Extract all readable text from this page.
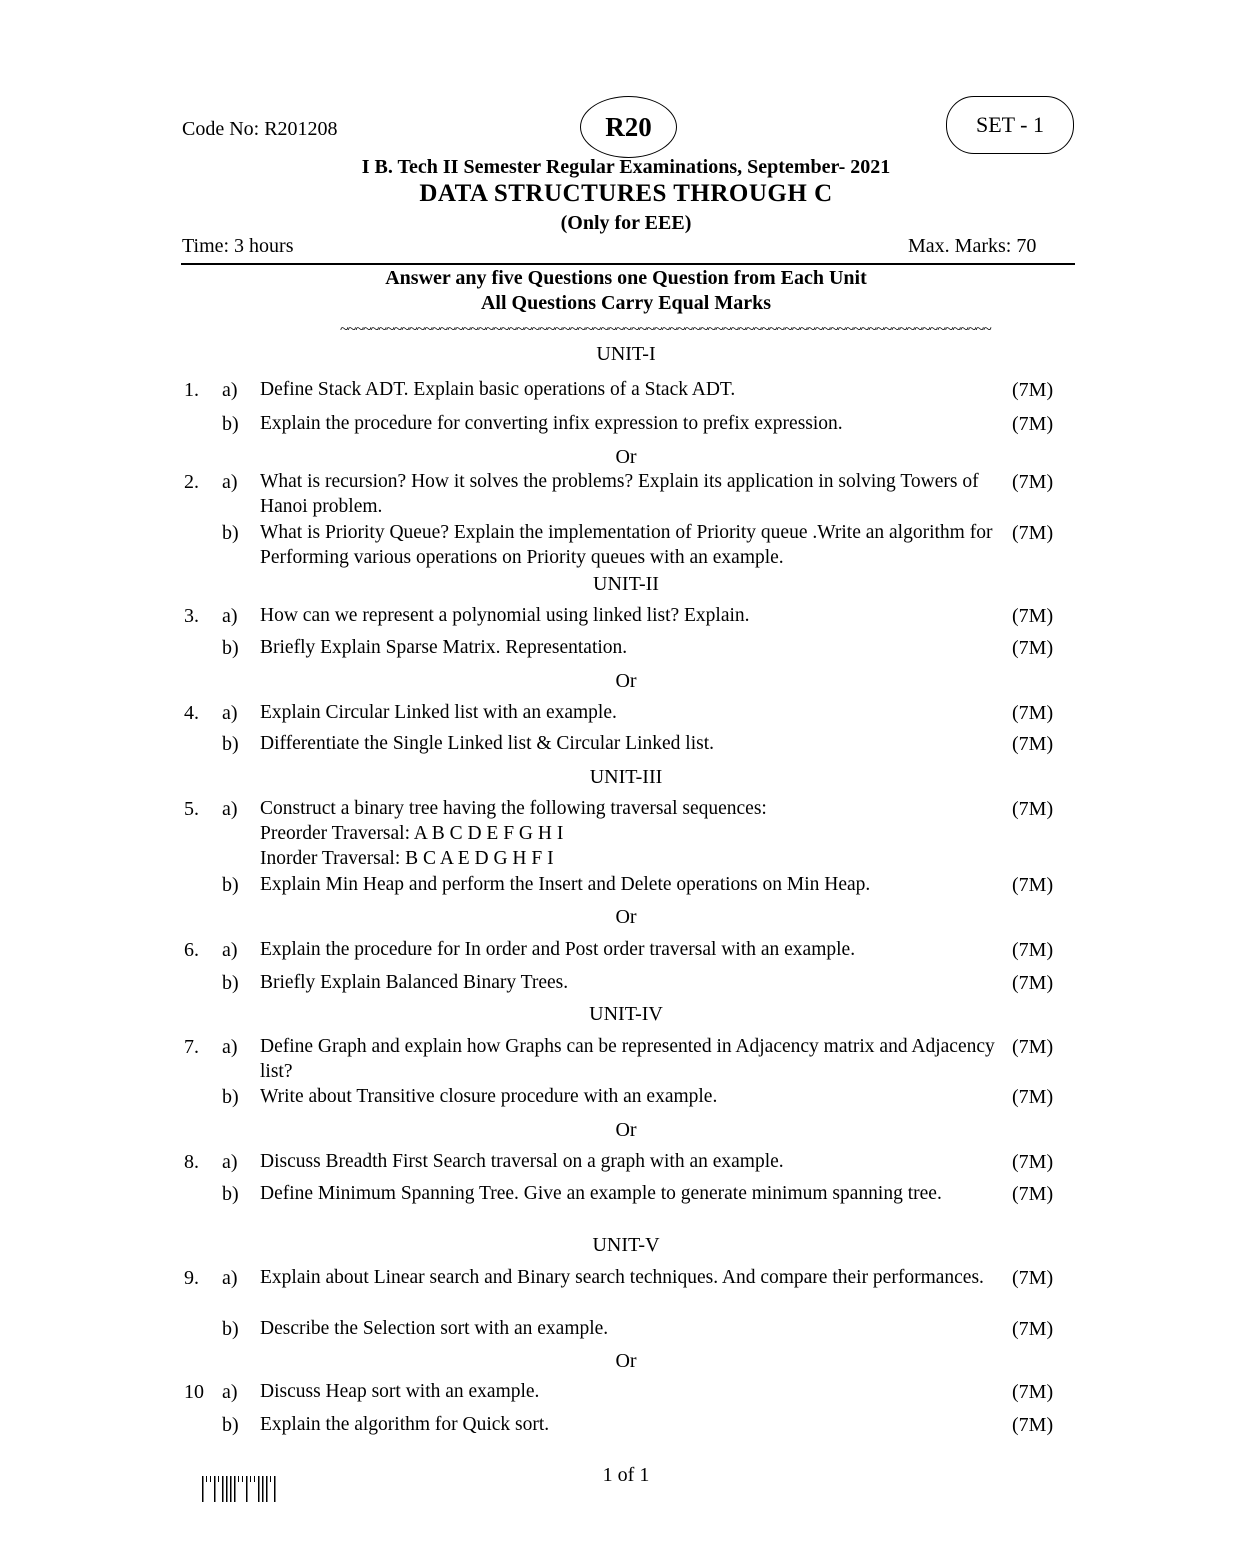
Code No: R201208	R20	SET - 1
I B. Tech II Semester Regular Examinations, September- 2021
DATA STRUCTURES THROUGH C
(Only for EEE)
Time: 3 hours	Max. Marks: 70
Answer any five Questions one Question from Each Unit
All Questions Carry Equal Marks
~~~~~~~~~~~~~~~~~~~~~~~~~~~~~~~~~~~~~~~~~~~~~~~~~~~~~~~~~~~~~~~~~~~~~~~~~~~~~~~~~~~~~
UNIT-I
1. a) Define Stack ADT. Explain basic operations of a Stack ADT.	(7M)
b) Explain the procedure for converting infix expression to prefix expression.	(7M)
Or
2. a) What is recursion? How it solves the problems? Explain its application in solving Towers of Hanoi problem.
(7M)
b) What is Priority Queue? Explain the implementation of Priority queue .Write an algorithm for Performing various operations on Priority queues with an example.
(7M)
UNIT-II
3. a) How can we represent a polynomial using linked list? Explain.	(7M)
b) Briefly Explain Sparse Matrix. Representation.	(7M)
Or
4. a) Explain Circular Linked list with an example.	(7M)
b) Differentiate the Single Linked list & Circular Linked list.	(7M)
UNIT-III
5. a) Construct a binary tree having the following traversal sequences:
Preorder Traversal: A B C D E F G H I
Inorder Traversal: B C A E D G H F I
(7M)
b) Explain Min Heap and perform the Insert and Delete operations on Min Heap.	(7M)
Or
6. a) Explain the procedure for In order and Post order traversal with an example.	(7M)
b) Briefly Explain Balanced Binary Trees.	(7M)
UNIT-IV
7. a) Define Graph and explain how Graphs can be represented in Adjacency matrix and Adjacency list?
(7M)
b) Write about Transitive closure procedure with an example.	(7M)
Or
8. a) Discuss Breadth First Search traversal on a graph with an example.	(7M)
b) Define Minimum Spanning Tree. Give an example to generate minimum spanning tree.	(7M)
UNIT-V
9. a) Explain about Linear search and Binary search techniques. And compare their performances.	(7M)
b) Describe the Selection sort with an example.	(7M)
Or
10 a) Discuss Heap sort with an example.	(7M)
b) Explain the algorithm for Quick sort.	(7M)
1 of 1
